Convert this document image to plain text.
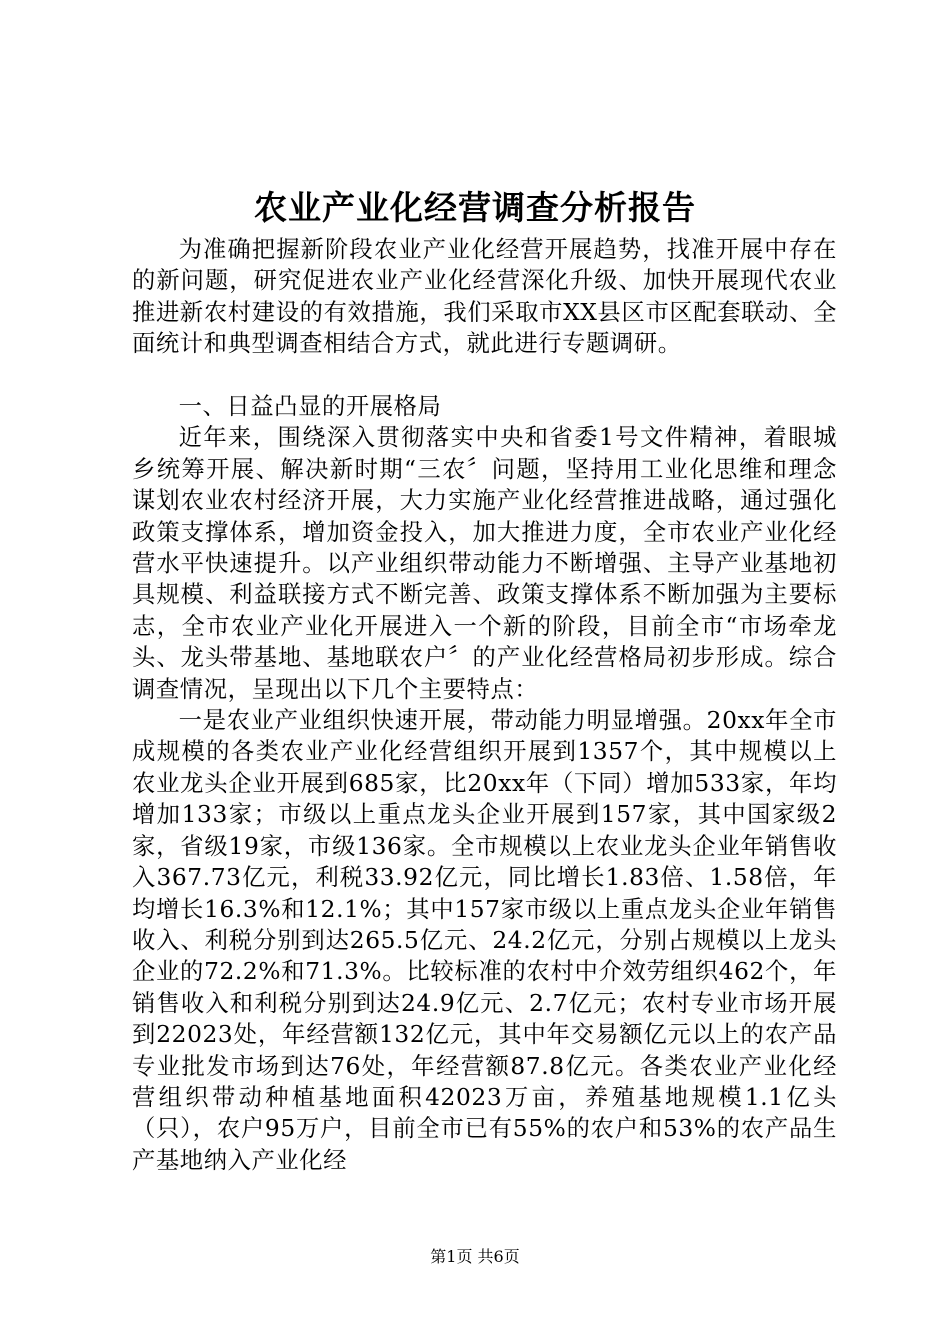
农业产业化经营调查分析报告

为准确把握新阶段农业产业化经营开展趋势，找准开展中存在的新问题，研究促进农业产业化经营深化升级、加快开展现代农业推进新农村建设的有效措施，我们采取市XX县区市区配套联动、全面统计和典型调查相结合方式，就此进行专题调研。

一、日益凸显的开展格局

近年来，围绕深入贯彻落实中央和省委1号文件精神，着眼城乡统筹开展、解决新时期“三农〞问题，坚持用工业化思维和理念谋划农业农村经济开展，大力实施产业化经营推进战略，通过强化政策支撑体系，增加资金投入，加大推进力度，全市农业产业化经营水平快速提升。以产业组织带动能力不断增强、主导产业基地初具规模、利益联接方式不断完善、政策支撑体系不断加强为主要标志，全市农业产业化开展进入一个新的阶段，目前全市“市场牵龙头、龙头带基地、基地联农户〞的产业化经营格局初步形成。综合调查情况，呈现出以下几个主要特点：

一是农业产业组织快速开展，带动能力明显增强。20xx年全市成规模的各类农业产业化经营组织开展到1357个，其中规模以上农业龙头企业开展到685家，比20xx年（下同）增加533家，年均增加133家；市级以上重点龙头企业开展到157家，其中国家级2家，省级19家，市级136家。全市规模以上农业龙头企业年销售收入367.73亿元，利税33.92亿元，同比增长1.83倍、1.58倍，年均增长16.3%和12.1%；其中157家市级以上重点龙头企业年销售收入、利税分别到达265.5亿元、24.2亿元，分别占规模以上龙头企业的72.2%和71.3%。比较标准的农村中介效劳组织462个，年销售收入和利税分别到达24.9亿元、2.7亿元；农村专业市场开展到22023处，年经营额132亿元，其中年交易额亿元以上的农产品专业批发市场到达76处，年经营额87.8亿元。各类农业产业化经营组织带动种植基地面积42023万亩，养殖基地规模1.1亿头（只），农户95万户，目前全市已有55%的农户和53%的农产品生产基地纳入产业化经

第1页 共6页
